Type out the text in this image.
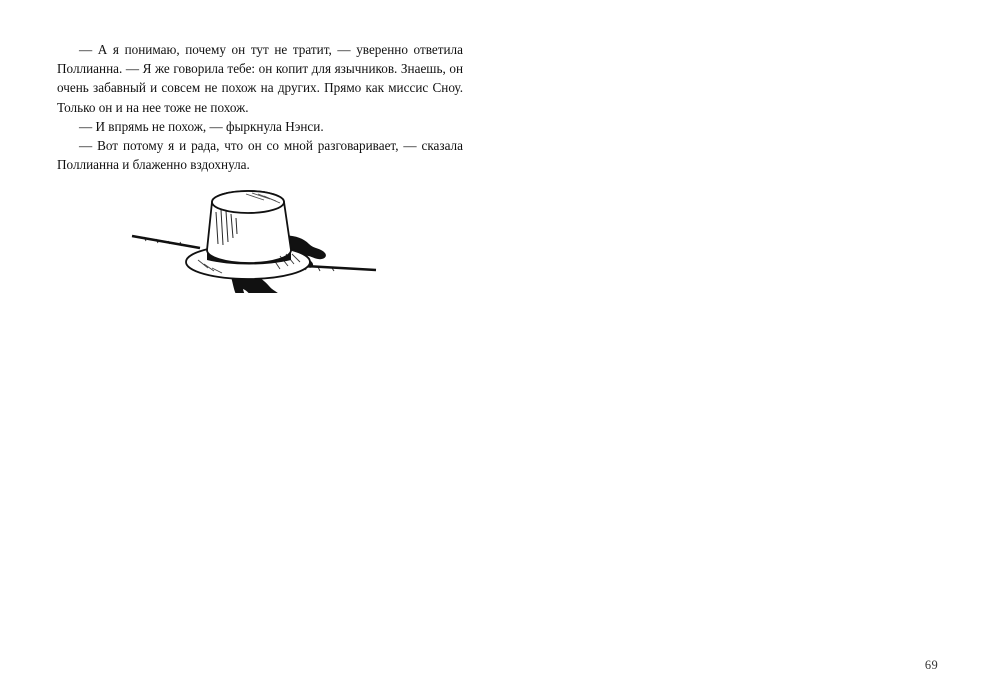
— А я понимаю, почему он тут не тратит, — уверенно ответила Поллианна. — Я же говорила тебе: он копит для язычников. Знаешь, он очень забавный и совсем не похож на других. Прямо как миссис Сноу. Только он и на нее тоже не похож.

— И впрямь не похож, — фыркнула Нэнси.

— Вот потому я и рада, что он со мной разговаривает, — сказала Поллианна и блаженно вздохнула.

69
